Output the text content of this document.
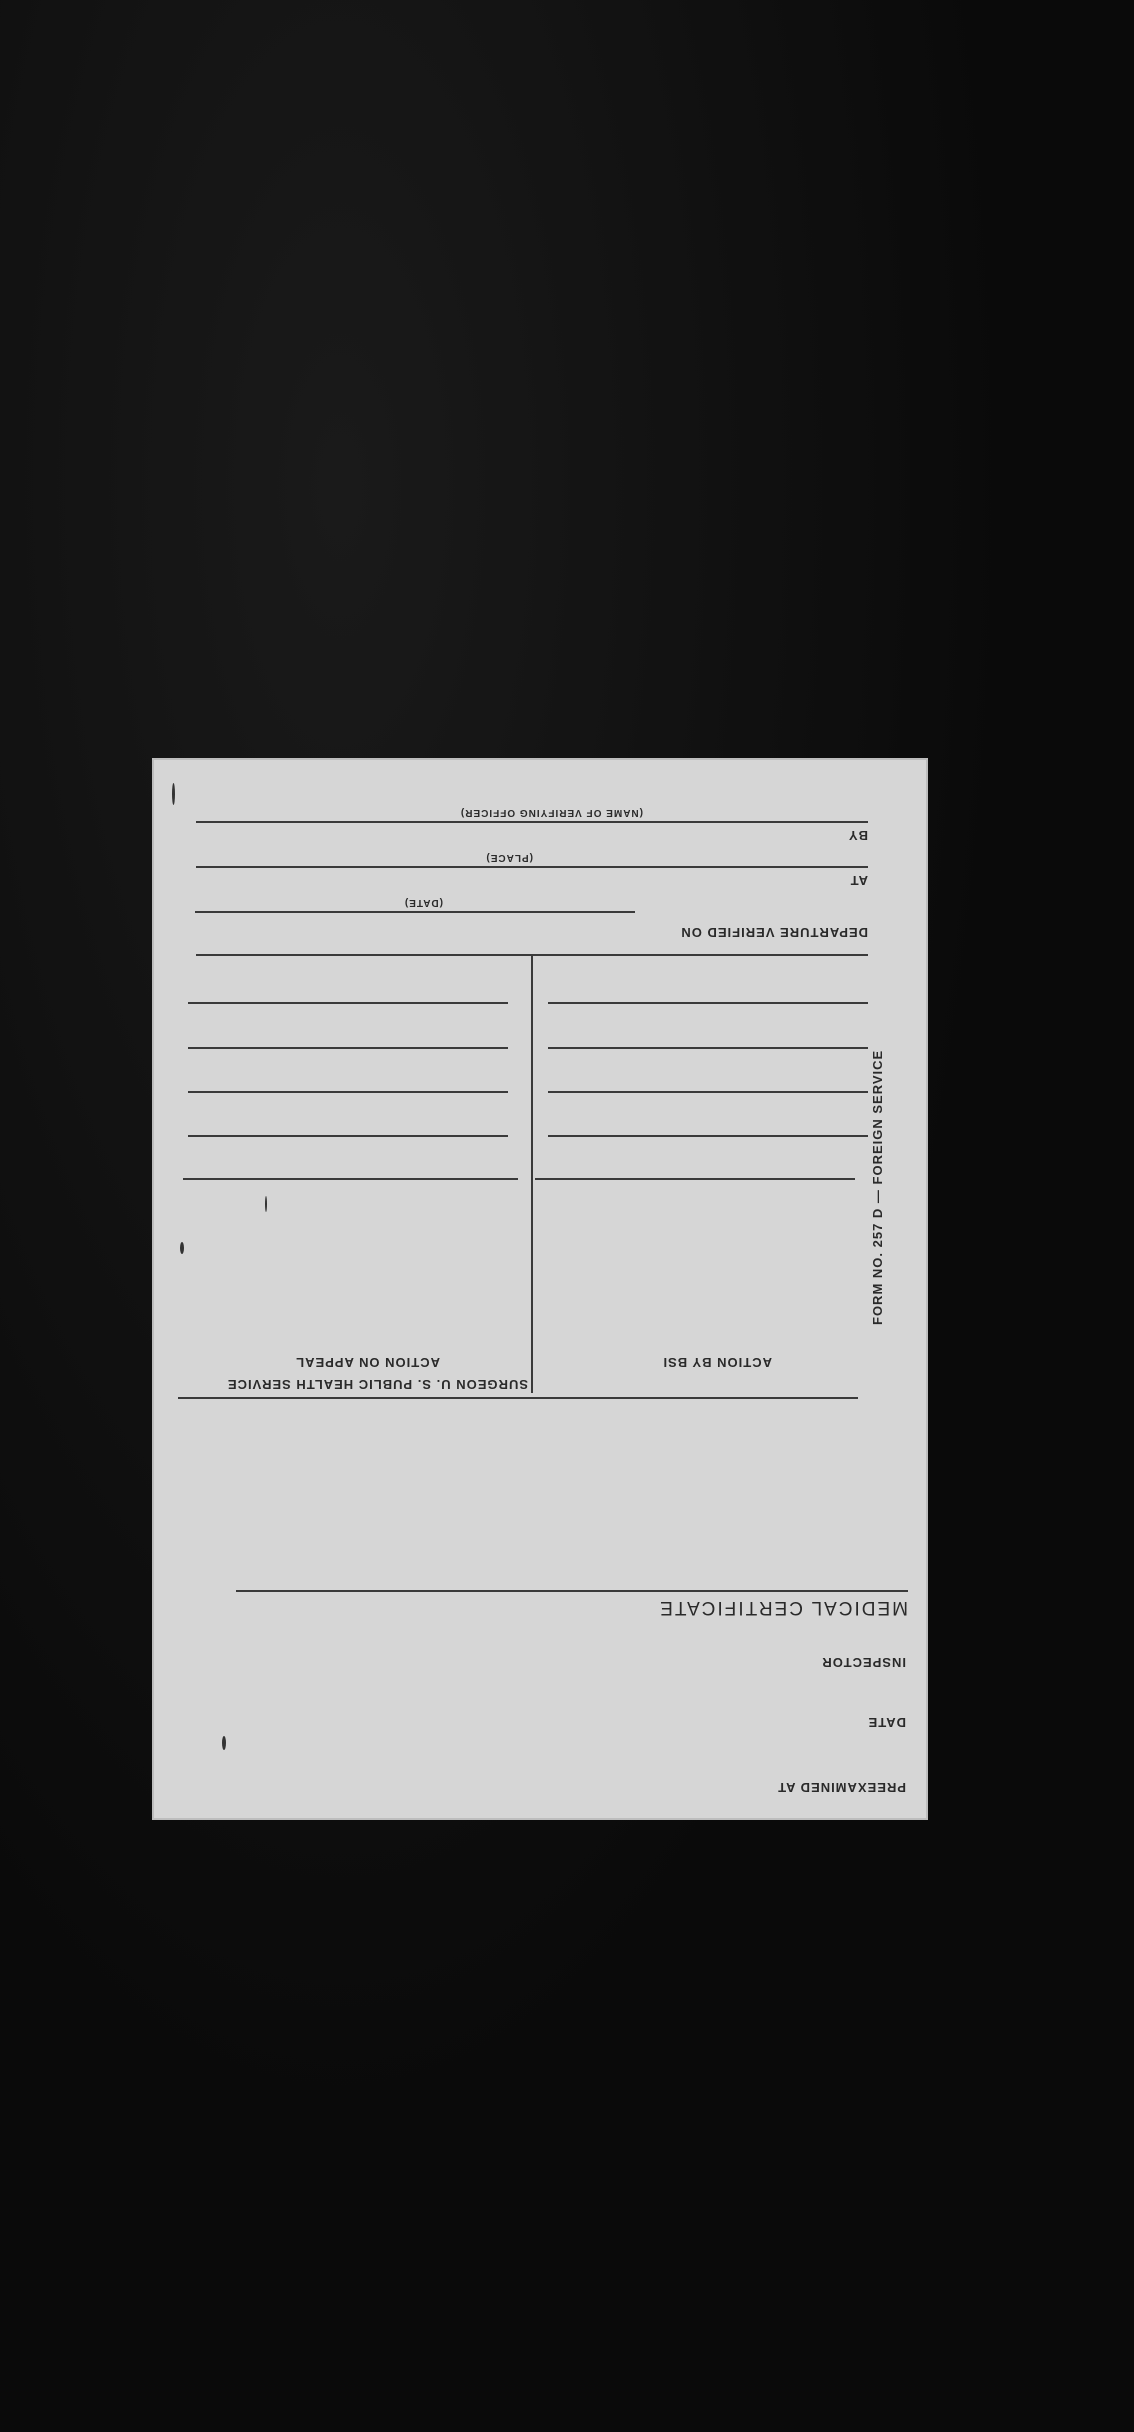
PREEXAMINED AT
DATE
INSPECTOR
MEDICAL CERTIFICATE
FORM NO. 257 D — FOREIGN SERVICE
SURGEON U. S. PUBLIC HEALTH SERVICE
ACTION BY BSI
ACTION ON APPEAL
DEPARTURE VERIFIED ON
(DATE)
AT
(PLACE)
BY
(NAME OF VERIFYING OFFICER)
